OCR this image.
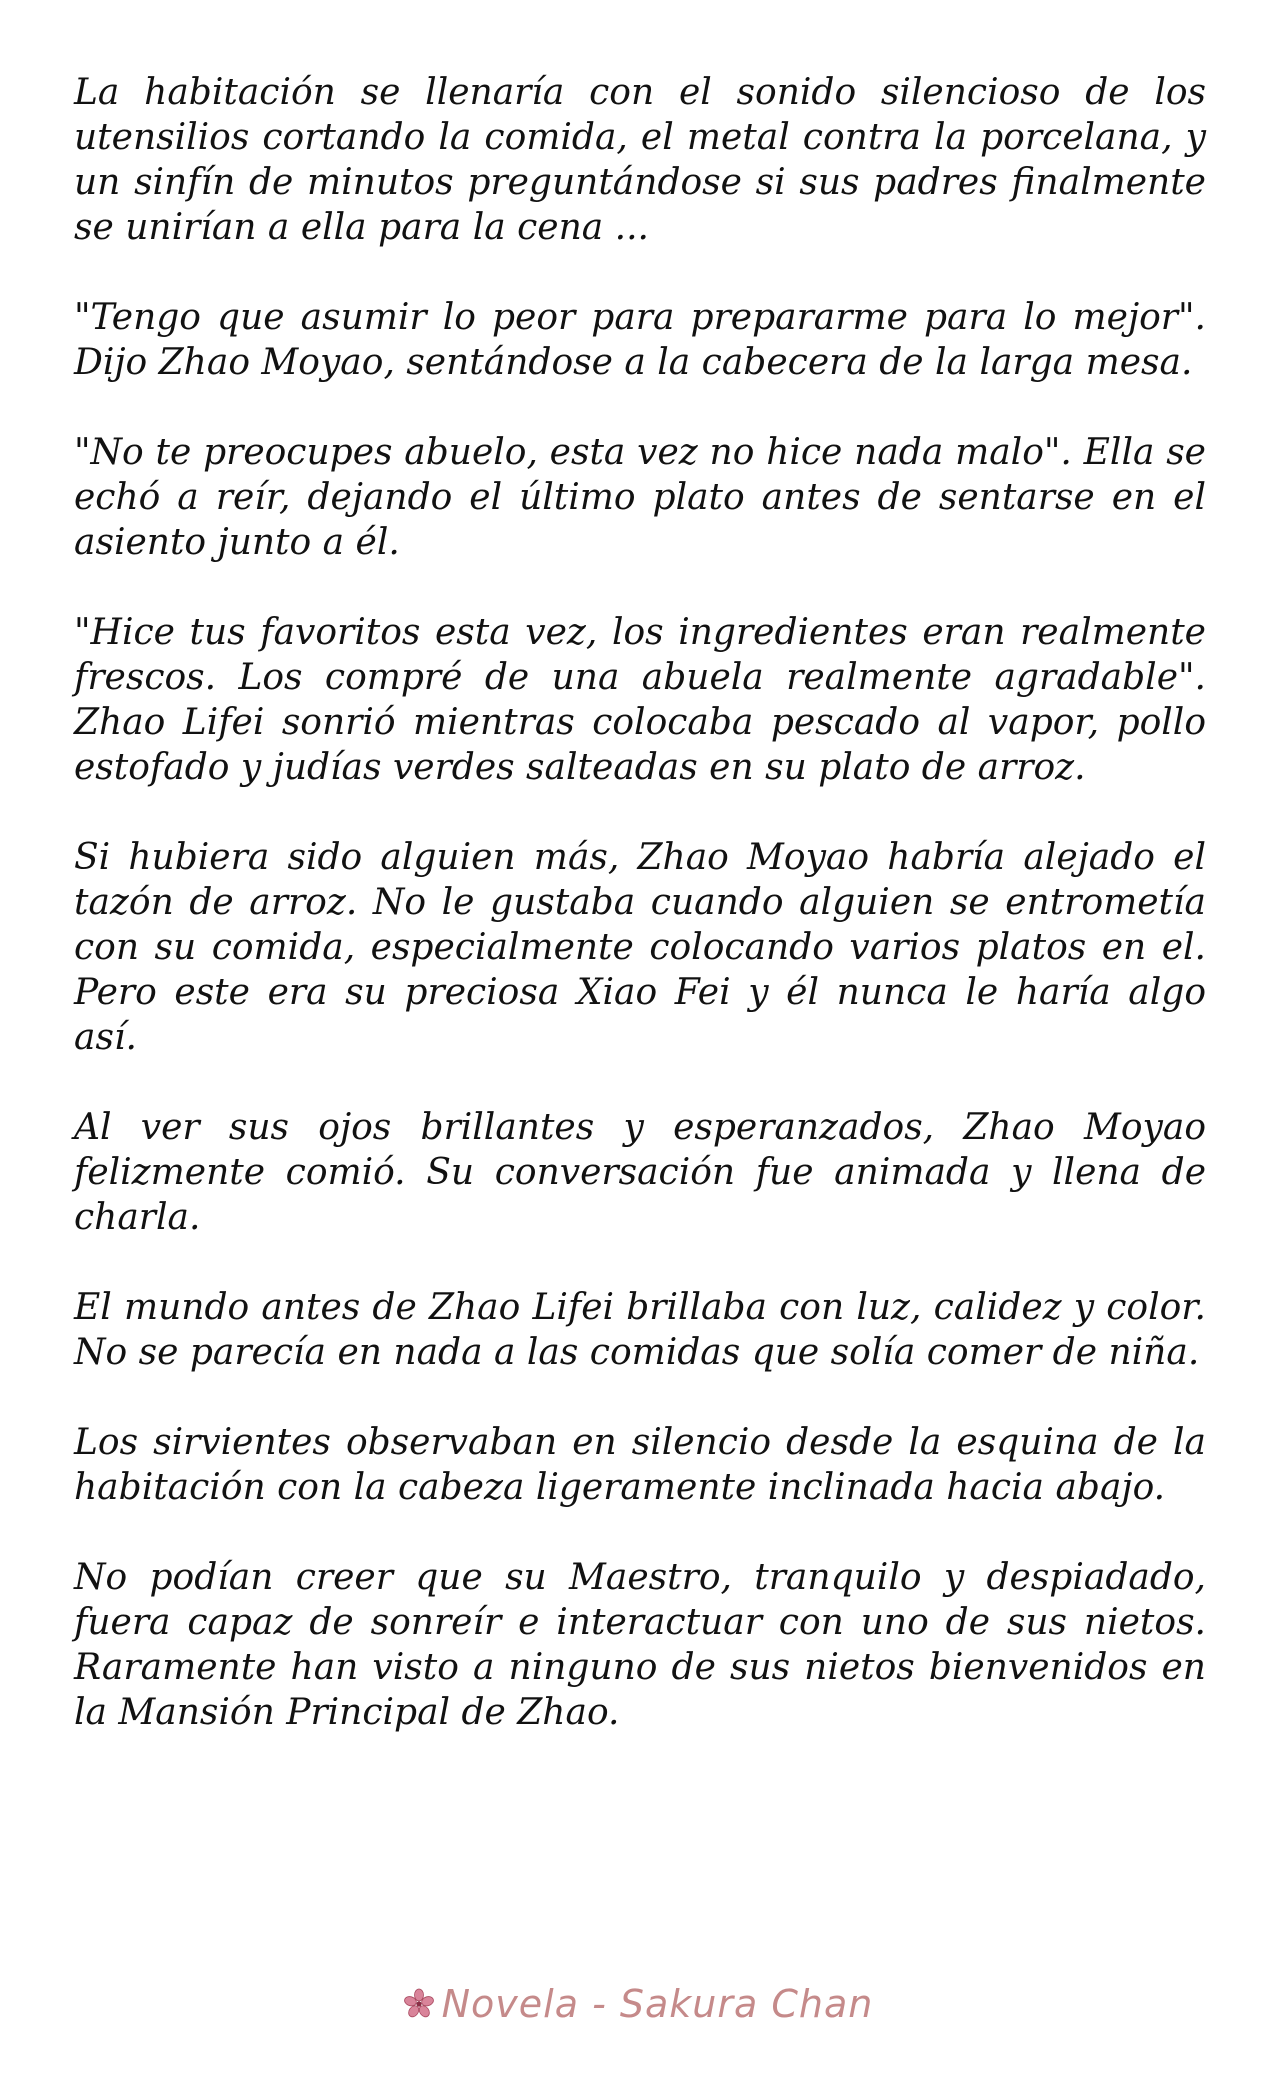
La habitación se llenaría con el sonido silencioso de los utensilios cortando la comida, el metal contra la porcelana, y un sinfín de minutos preguntándose si sus padres finalmente se unirían a ella para la cena ...

"Tengo que asumir lo peor para prepararme para lo mejor". Dijo Zhao Moyao, sentándose a la cabecera de la larga mesa.

"No te preocupes abuelo, esta vez no hice nada malo". Ella se echó a reír, dejando el último plato antes de sentarse en el asiento junto a él.

"Hice tus favoritos esta vez, los ingredientes eran realmente frescos. Los compré de una abuela realmente agradable". Zhao Lifei sonrió mientras colocaba pescado al vapor, pollo estofado y judías verdes salteadas en su plato de arroz.

Si hubiera sido alguien más, Zhao Moyao habría alejado el tazón de arroz. No le gustaba cuando alguien se entrometía con su comida, especialmente colocando varios platos en el. Pero este era su preciosa Xiao Fei y él nunca le haría algo así.

Al ver sus ojos brillantes y esperanzados, Zhao Moyao felizmente comió. Su conversación fue animada y llena de charla.

El mundo antes de Zhao Lifei brillaba con luz, calidez y color. No se parecía en nada a las comidas que solía comer de niña.

Los sirvientes observaban en silencio desde la esquina de la habitación con la cabeza ligeramente inclinada hacia abajo.

No podían creer que su Maestro, tranquilo y despiadado, fuera capaz de sonreír e interactuar con uno de sus nietos. Raramente han visto a ninguno de sus nietos bienvenidos en la Mansión Principal de Zhao.

Novela - Sakura Chan
